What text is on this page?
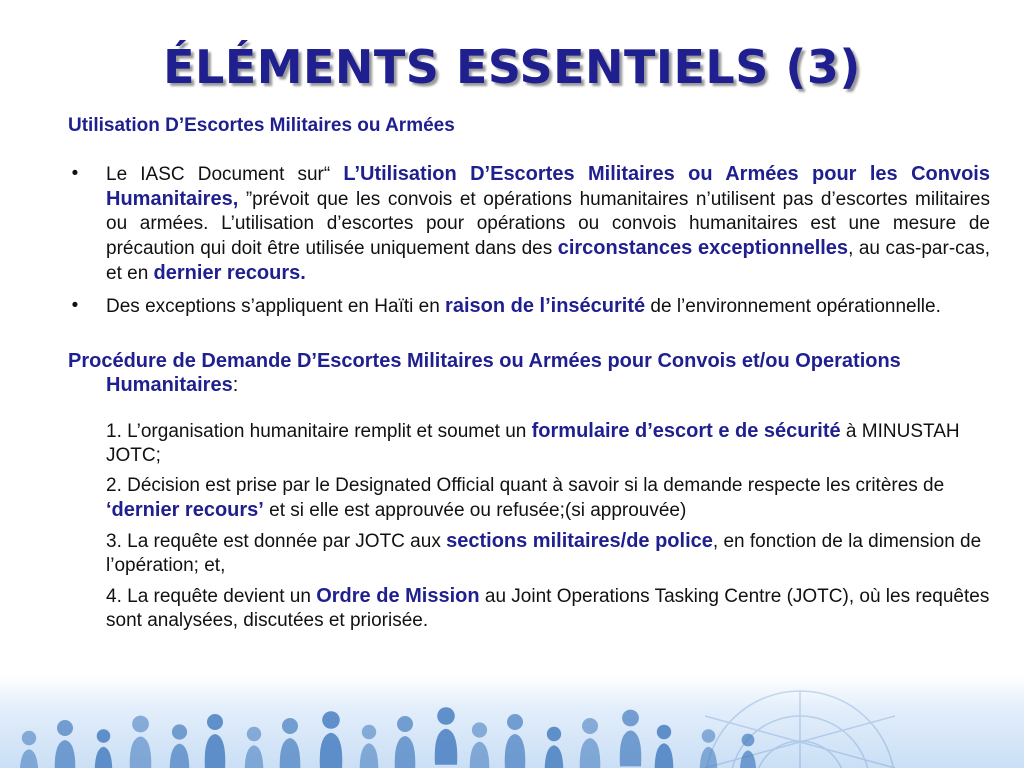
ÉLÉMENTS ESSENTIELS (3)
Utilisation D’Escortes Militaires ou Armées
• Le IASC Document sur“ L’Utilisation D’Escortes Militaires ou Armées pour les Convois Humanitaires, ”prévoit que les convois et opérations humanitaires n’utilisent pas d’escortes militaires ou armées. L’utilisation d’escortes pour opérations ou convois humanitaires est une mesure de précaution qui doit être utilisée uniquement dans des circonstances exceptionnelles, au cas-par-cas, et en dernier recours.
• Des exceptions s’appliquent en Haïti en raison de l’insécurité de l’environnement opérationnelle.
Procédure de Demande D’Escortes Militaires ou Armées pour Convois et/ou Operations Humanitaires:
1. L’organisation humanitaire remplit et soumet un formulaire d’escort e de sécurité à MINUSTAH JOTC;
2. Décision est prise par le Designated Official quant à savoir si la demande respecte les critères de ‘dernier recours’ et si elle est approuvée ou refusée;(si approuvée)
3. La requête est donnée par JOTC aux sections militaires/de police, en fonction de la dimension de l’opération; et,
4. La requête devient un Ordre de Mission au Joint Operations Tasking Centre (JOTC), où les requêtes sont analysées, discutées et priorisée.
